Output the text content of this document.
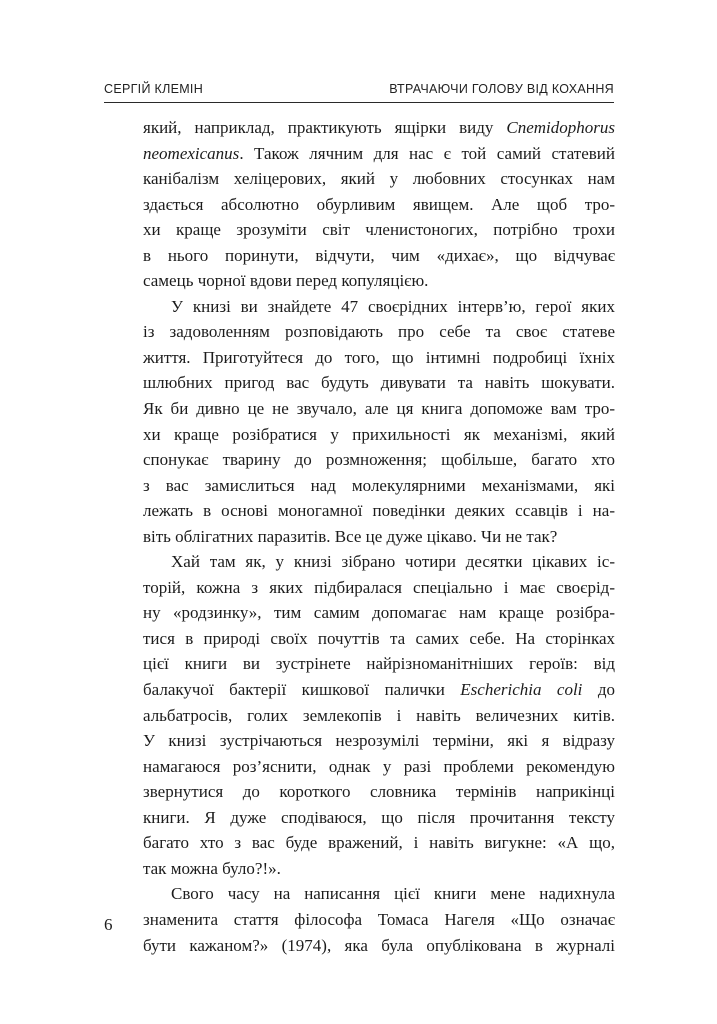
СЕРГІЙ КЛЕМІН	ВТРАЧАЮЧИ ГОЛОВУ ВІД КОХАННЯ
який, наприклад, практикують ящірки виду Cnemidophorus
neomexicanus. Також лячним для нас є той самий статевий
канібалізм хеліцерових, який у любовних стосунках нам
здається абсолютно обурливим явищем. Але щоб тро-
хи краще зрозуміти світ членистоногих, потрібно трохи
в нього поринути, відчути, чим «дихає», що відчуває
самець чорної вдови перед копуляцією.
У книзі ви знайдете 47 своєрідних інтерв’ю, герої яких
із задоволенням розповідають про себе та своє статеве
життя. Приготуйтеся до того, що інтимні подробиці їхніх
шлюбних пригод вас будуть дивувати та навіть шокувати.
Як би дивно це не звучало, але ця книга допоможе вам тро-
хи краще розібратися у прихильності як механізмі, який
спонукає тварину до розмноження; щобільше, багато хто
з вас замислиться над молекулярними механізмами, які
лежать в основі моногамної поведінки деяких ссавців і на-
віть облігатних паразитів. Все це дуже цікаво. Чи не так?
Хай там як, у книзі зібрано чотири десятки цікавих іс-
торій, кожна з яких підбиралася спеціально і має своєрід-
ну «родзинку», тим самим допомагає нам краще розібра-
тися в природі своїх почуттів та самих себе. На сторінках
цієї книги ви зустрінете найрізноманітніших героїв: від
балакучої бактерії кишкової палички Escherichia coli до
альбатросів, голих землекопів і навіть величезних китів.
У книзі зустрічаються незрозумілі терміни, які я відразу
намагаюся роз’яснити, однак у разі проблеми рекомендую
звернутися до короткого словника термінів наприкінці
книги. Я дуже сподіваюся, що після прочитання тексту
багато хто з вас буде вражений, і навіть вигукне: «А що,
так можна було?!».
Свого часу на написання цієї книги мене надихнула
знаменита стаття філософа Томаса Нагеля «Що означає
бути кажаном?» (1974), яка була опублікована в журналі
6
